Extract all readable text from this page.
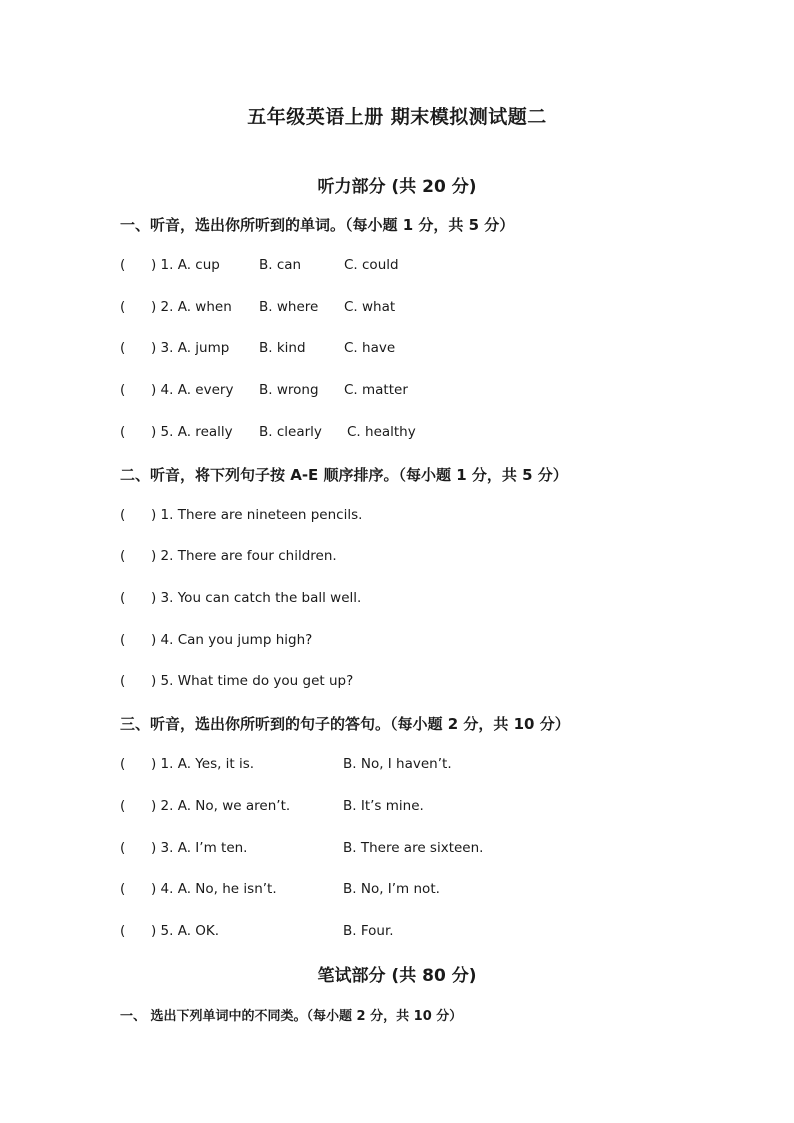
五年级英语上册 期末模拟测试题二
听力部分 (共 20 分)
一、听音，选出你所听到的单词。（每小题 1 分，共 5 分）
( ) 1. A. cup	B. can	C. could
( ) 2. A. when B. where C. what
( ) 3. A. jump B. kind	C. have
( ) 4. A. every B. wrong C. matter
( ) 5. A. really B. clearly C. healthy
二、听音，将下列句子按 A-E 顺序排序。（每小题 1 分，共 5 分）
( ) 1. There are nineteen pencils.
( ) 2. There are four children.
( ) 3. You can catch the ball well.
( ) 4. Can you jump high?
( ) 5. What time do you get up?
三、听音，选出你所听到的句子的答句。（每小题 2 分，共 10 分）
( ) 1. A. Yes, it is.	B. No, I haven’t.
( ) 2. A. No, we aren’t.	B. It’s mine.
( ) 3. A. I’m ten.	B. There are sixteen.
( ) 4. A. No, he isn’t.	B. No, I’m not.
( ) 5. A. OK.	B. Four.
笔试部分 (共 80 分)
一、 选出下列单词中的不同类。（每小题 2 分，共 10 分）
